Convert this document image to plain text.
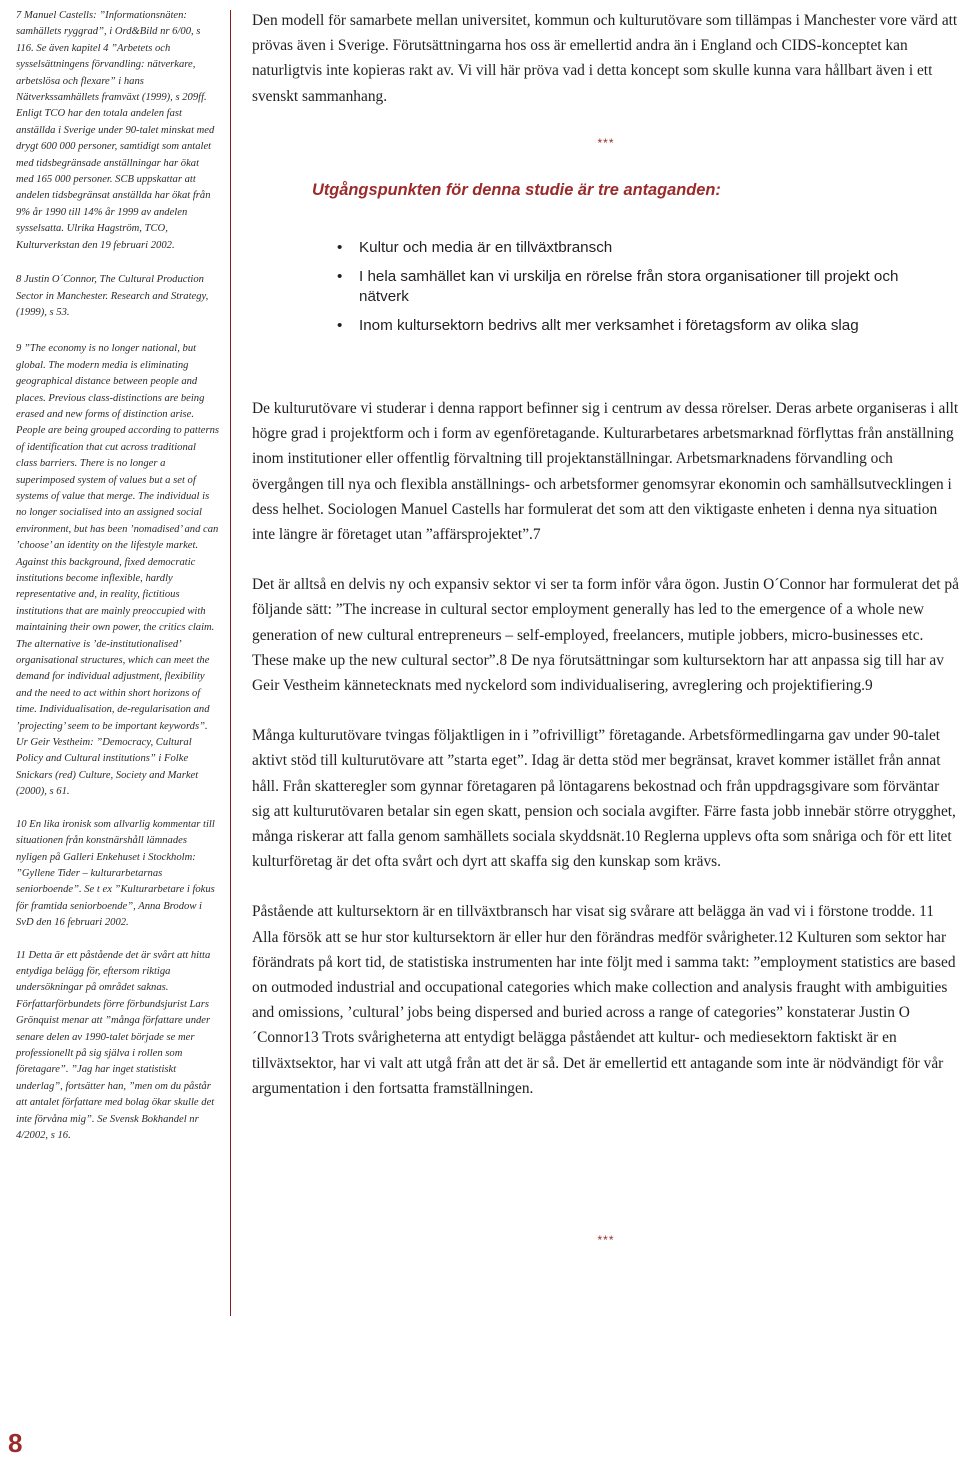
7 Manuel Castells: ”Informationsnäten: samhällets ryggrad”, i Ord&Bild nr 6/00, s 116. Se även kapitel 4 ”Arbetets och sysselsättningens förvandling: nätverkare, arbetslösa och flexare” i hans Nätverkssamhällets framväxt (1999), s 209ff. Enligt TCO har den totala andelen fast anställda i Sverige under 90-talet minskat med drygt 600 000 personer, samtidigt som antalet med tidsbegränsade anställningar har ökat med 165 000 personer. SCB uppskattar att andelen tidsbegränsat anställda har ökat från 9% år 1990 till 14% år 1999 av andelen sysselsatta. Ulrika Hagström, TCO, Kulturverkstan den 19 februari 2002.

8 Justin O´Connor, The Cultural Production Sector in Manchester. Research and Strategy, (1999), s 53.

9 ”The economy is no longer national, but global. The modern media is eliminating geographical distance between people and places. Previous class-distinctions are being erased and new forms of distinction arise. People are being grouped according to patterns of identification that cut across traditional class barriers. There is no longer a superimposed system of values but a set of systems of value that merge. The individual is no longer socialised into an assigned social environment, but has been ’nomadised’ and can ’choose’ an identity on the lifestyle market. Against this background, fixed democratic institutions become inflexible, hardly representative and, in reality, fictitious institutions that are mainly preoccupied with maintaining their own power, the critics claim. The alternative is ’de-institutionalised’ organisational structures, which can meet the demand for individual adjustment, flexibility and the need to act within short horizons of time. Individualisation, de-regularisation and ’projecting’ seem to be important keywords”. Ur Geir Vestheim: ”Democracy, Cultural Policy and Cultural institutions” i Folke Snickars (red) Culture, Society and Market (2000), s 61.

10 En lika ironisk som allvarlig kommentar till situationen från konstnärshåll lämnades nyligen på Galleri Enkehuset i Stockholm: ”Gyllene Tider – kulturarbetarnas seniorboende”. Se t ex ”Kulturarbetare i fokus för framtida seniorboende”, Anna Brodow i SvD den 16 februari 2002.

11 Detta är ett påstående det är svårt att hitta entydiga belägg för, eftersom riktiga undersökningar på området saknas. Författarförbundets förre förbundsjurist Lars Grönquist menar att ”många författare under senare delen av 1990-talet började se mer professionellt på sig själva i rollen som företagare”. ”Jag har inget statistiskt underlag”, fortsätter han, ”men om du påstår att antalet författare med bolag ökar skulle det inte förvåna mig”. Se Svensk Bokhandel nr 4/2002, s 16.

Den modell för samarbete mellan universitet, kommun och kulturutövare som tillämpas i Manchester vore värd att prövas även i Sverige. Förutsättningarna hos oss är emellertid andra än i England och CIDS-konceptet kan naturligtvis inte kopieras rakt av. Vi vill här pröva vad i detta koncept som skulle kunna vara hållbart även i ett svenskt sammanhang.

***
Utgångspunkten för denna studie är tre antaganden:
• Kultur och media är en tillväxtbransch
• I hela samhället kan vi urskilja en rörelse från stora organisationer till projekt och nätverk
• Inom kultursektorn bedrivs allt mer verksamhet i företagsform av olika slag

De kulturutövare vi studerar i denna rapport befinner sig i centrum av dessa rörelser. Deras arbete organiseras i allt högre grad i projektform och i form av egenföretagande. Kulturarbetares arbetsmarknad förflyttas från anställning inom institutioner eller offentlig förvaltning till projektanställningar. Arbetsmarknadens förvandling och övergången till nya och flexibla anställnings- och arbetsformer genomsyrar ekonomin och samhällsutvecklingen i dess helhet. Sociologen Manuel Castells har formulerat det som att den viktigaste enheten i denna nya situation inte längre är företaget utan ”affärsprojektet”.7

Det är alltså en delvis ny och expansiv sektor vi ser ta form inför våra ögon. Justin O´Connor har formulerat det på följande sätt: ”The increase in cultural sector employment generally has led to the emergence of a whole new generation of new cultural entrepreneurs – self-employed, freelancers, mutiple jobbers, micro-businesses etc. These make up the new cultural sector”.8 De nya förutsättningar som kultursektorn har att anpassa sig till har av Geir Vestheim kännetecknats med nyckelord som individualisering, avreglering och projektifiering.9

Många kulturutövare tvingas följaktligen in i ”ofrivilligt” företagande. Arbetsförmedlingarna gav under 90-talet aktivt stöd till kulturutövare att ”starta eget”. Idag är detta stöd mer begränsat, kravet kommer istället från annat håll. Från skatteregler som gynnar företagaren på löntagarens bekostnad och från uppdragsgivare som förväntar sig att kulturutövaren betalar sin egen skatt, pension och sociala avgifter. Färre fasta jobb innebär större otrygghet, många riskerar att falla genom samhällets sociala skyddsnät.10 Reglerna upplevs ofta som snåriga och för ett litet kulturföretag är det ofta svårt och dyrt att skaffa sig den kunskap som krävs.

Påstående att kultursektorn är en tillväxtbransch har visat sig svårare att belägga än vad vi i förstone trodde. 11 Alla försök att se hur stor kultursektorn är eller hur den förändras medför svårigheter.12 Kulturen som sektor har förändrats på kort tid, de statistiska instrumenten har inte följt med i samma takt: ”employment statistics are based on outmoded industrial and occupational categories which make collection and analysis fraught with ambiguities and omissions, ’cultural’ jobs being dispersed and buried across a range of categories” konstaterar Justin O´Connor13 Trots svårigheterna att entydigt belägga påståendet att kultur- och mediesektorn faktiskt är en tillväxtsektor, har vi valt att utgå från att det är så. Det är emellertid ett antagande som inte är nödvändigt för vår argumentation i den fortsatta framställningen.

***
8
